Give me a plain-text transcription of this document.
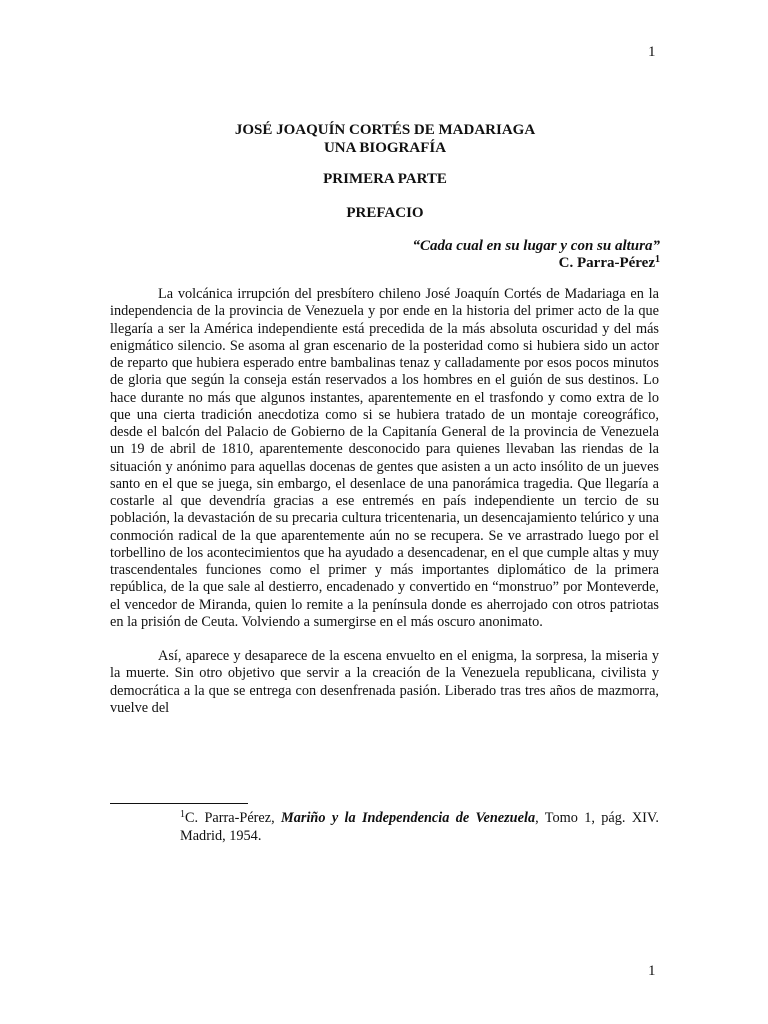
1
JOSÉ JOAQUÍN CORTÉS DE MADARIAGA
UNA BIOGRAFÍA
PRIMERA PARTE
PREFACIO
“Cada cual en su lugar y con su altura”
C. Parra-Pérez$^1$

La volcánica irrupción del presbítero chileno José Joaquín Cortés de Madariaga en la independencia de la provincia de Venezuela y por ende en la historia del primer acto de la que llegaría a ser la América independiente está precedida de la más absoluta oscuridad y del más enigmático silencio. Se asoma al gran escenario de la posteridad como si hubiera sido un actor de reparto que hubiera esperado entre bambalinas tenaz y calladamente por esos pocos minutos de gloria que según la conseja están reservados a los hombres en el guión de sus destinos. Lo hace durante no más que algunos instantes, aparentemente en el trasfondo y como extra de lo que una cierta tradición anecdotiza como si se hubiera tratado de un montaje coreográfico, desde el balcón del Palacio de Gobierno de la Capitanía General de la provincia de Venezuela un 19 de abril de 1810, aparentemente desconocido para quienes llevaban las riendas de la situación y anónimo para aquellas docenas de gentes que asisten a un acto insólito de un jueves santo en el que se juega, sin embargo, el desenlace de una panorámica tragedia. Que llegaría a costarle al que devendría gracias a ese entremés en país independiente un tercio de su población, la devastación de su precaria cultura tricentenaria, un desencajamiento telúrico y una conmoción radical de la que aparentemente aún no se recupera. Se ve arrastrado luego por el torbellino de los acontecimientos que ha ayudado a desencadenar, en el que cumple altas y muy trascendentales funciones como el primer y más importantes diplomático de la primera república, de la que sale al destierro, encadenado y convertido en “monstruo” por Monteverde, el vencedor de Miranda, quien lo remite a la península donde es aherrojado con otros patriotas en la prisión de Ceuta. Volviendo a sumergirse en el más oscuro anonimato.

Así, aparece y desaparece de la escena envuelto en el enigma, la sorpresa, la miseria y la muerte. Sin otro objetivo que servir a la creación de la Venezuela republicana, civilista y democrática a la que se entrega con desenfrenada pasión. Liberado tras tres años de mazmorra, vuelve del

$^1$C. Parra-Pérez, Mariño y la Independencia de Venezuela, Tomo 1, pág. XIV. Madrid, 1954.
1
